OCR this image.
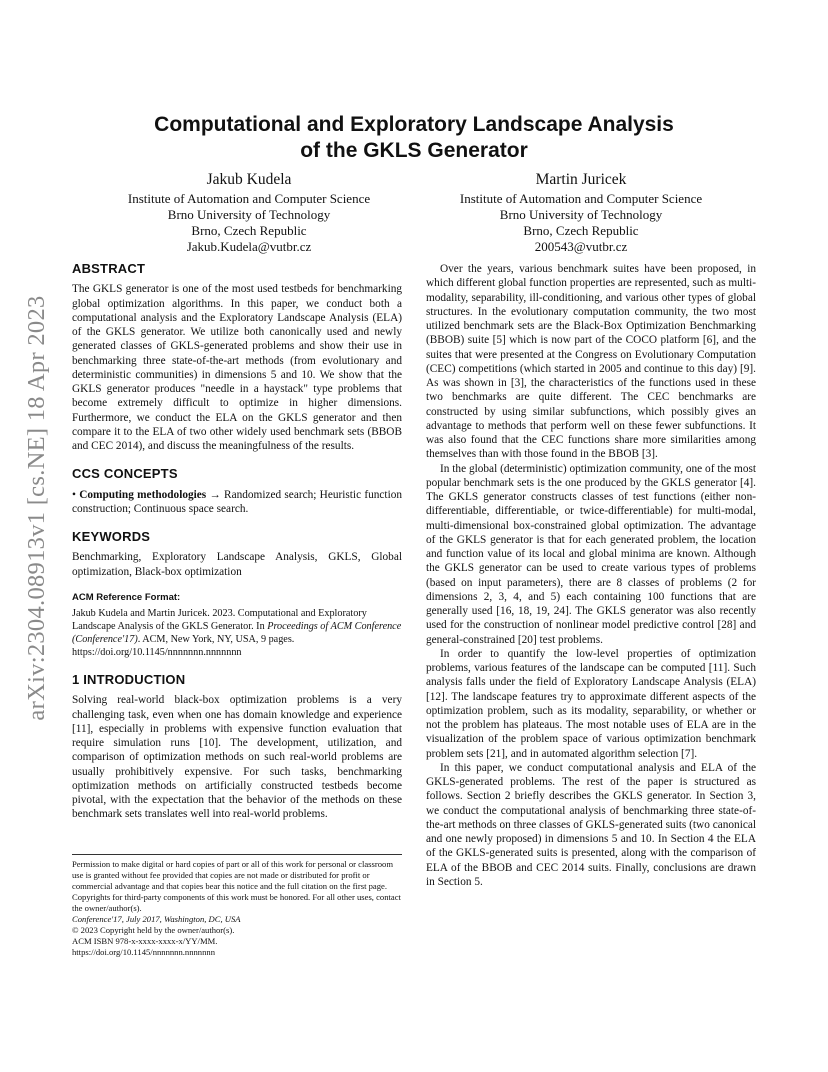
arXiv:2304.08913v1 [cs.NE] 18 Apr 2023
Computational and Exploratory Landscape Analysis
of the GKLS Generator
Jakub Kudela
Institute of Automation and Computer Science
Brno University of Technology
Brno, Czech Republic
Jakub.Kudela@vutbr.cz
Martin Juricek
Institute of Automation and Computer Science
Brno University of Technology
Brno, Czech Republic
200543@vutbr.cz
ABSTRACT

The GKLS generator is one of the most used testbeds for benchmarking global optimization algorithms. In this paper, we conduct both a computational analysis and the Exploratory Landscape Analysis (ELA) of the GKLS generator. We utilize both canonically used and newly generated classes of GKLS-generated problems and show their use in benchmarking three state-of-the-art methods (from evolutionary and deterministic communities) in dimensions 5 and 10. We show that the GKLS generator produces "needle in a haystack" type problems that become extremely difficult to optimize in higher dimensions. Furthermore, we conduct the ELA on the GKLS generator and then compare it to the ELA of two other widely used benchmark sets (BBOB and CEC 2014), and discuss the meaningfulness of the results.

CCS CONCEPTS

• Computing methodologies → Randomized search; Heuristic function construction; Continuous space search.

KEYWORDS

Benchmarking, Exploratory Landscape Analysis, GKLS, Global optimization, Black-box optimization

ACM Reference Format:
Jakub Kudela and Martin Juricek. 2023. Computational and Exploratory Landscape Analysis of the GKLS Generator. In Proceedings of ACM Conference (Conference'17). ACM, New York, NY, USA, 9 pages. https://doi.org/10.1145/nnnnnnn.nnnnnnn
1 INTRODUCTION

Solving real-world black-box optimization problems is a very challenging task, even when one has domain knowledge and experience [11], especially in problems with expensive function evaluation that require simulation runs [10]. The development, utilization, and comparison of optimization methods on such real-world problems are usually prohibitively expensive. For such tasks, benchmarking optimization methods on artificially constructed testbeds become pivotal, with the expectation that the behavior of the methods on these benchmark sets translates well into real-world problems.

Permission to make digital or hard copies of part or all of this work for personal or classroom use is granted without fee provided that copies are not made or distributed for profit or commercial advantage and that copies bear this notice and the full citation on the first page. Copyrights for third-party components of this work must be honored. For all other uses, contact the owner/author(s).
Conference'17, July 2017, Washington, DC, USA
© 2023 Copyright held by the owner/author(s).
ACM ISBN 978-x-xxxx-xxxx-x/YY/MM.
https://doi.org/10.1145/nnnnnnn.nnnnnnn

Over the years, various benchmark suites have been proposed, in which different global function properties are represented, such as multi-modality, separability, ill-conditioning, and various other types of global structures. In the evolutionary computation community, the two most utilized benchmark sets are the Black-Box Optimization Benchmarking (BBOB) suite [5] which is now part of the COCO platform [6], and the suites that were presented at the Congress on Evolutionary Computation (CEC) competitions (which started in 2005 and continue to this day) [9]. As was shown in [3], the characteristics of the functions used in these two benchmarks are quite different. The CEC benchmarks are constructed by using similar subfunctions, which possibly gives an advantage to methods that perform well on these fewer subfunctions. It was also found that the CEC functions share more similarities among themselves than with those found in the BBOB [3].

In the global (deterministic) optimization community, one of the most popular benchmark sets is the one produced by the GKLS generator [4]. The GKLS generator constructs classes of test functions (either non-differentiable, differentiable, or twice-differentiable) for multi-modal, multi-dimensional box-constrained global optimization. The advantage of the GKLS generator is that for each generated problem, the location and function value of its local and global minima are known. Although the GKLS generator can be used to create various types of problems (based on input parameters), there are 8 classes of problems (2 for dimensions 2, 3, 4, and 5) each containing 100 functions that are generally used [16, 18, 19, 24]. The GKLS generator was also recently used for the construction of nonlinear model predictive control [28] and general-constrained [20] test problems.

In order to quantify the low-level properties of optimization problems, various features of the landscape can be computed [11]. Such analysis falls under the field of Exploratory Landscape Analysis (ELA) [12]. The landscape features try to approximate different aspects of the optimization problem, such as its modality, separability, or whether or not the problem has plateaus. The most notable uses of ELA are in the visualization of the problem space of various optimization benchmark problem sets [21], and in automated algorithm selection [7].

In this paper, we conduct computational analysis and ELA of the GKLS-generated problems. The rest of the paper is structured as follows. Section 2 briefly describes the GKLS generator. In Section 3, we conduct the computational analysis of benchmarking three state-of-the-art methods on three classes of GKLS-generated suits (two canonical and one newly proposed) in dimensions 5 and 10. In Section 4 the ELA of the GKLS-generated suits is presented, along with the comparison of ELA of the BBOB and CEC 2014 suits. Finally, conclusions are drawn in Section 5.
